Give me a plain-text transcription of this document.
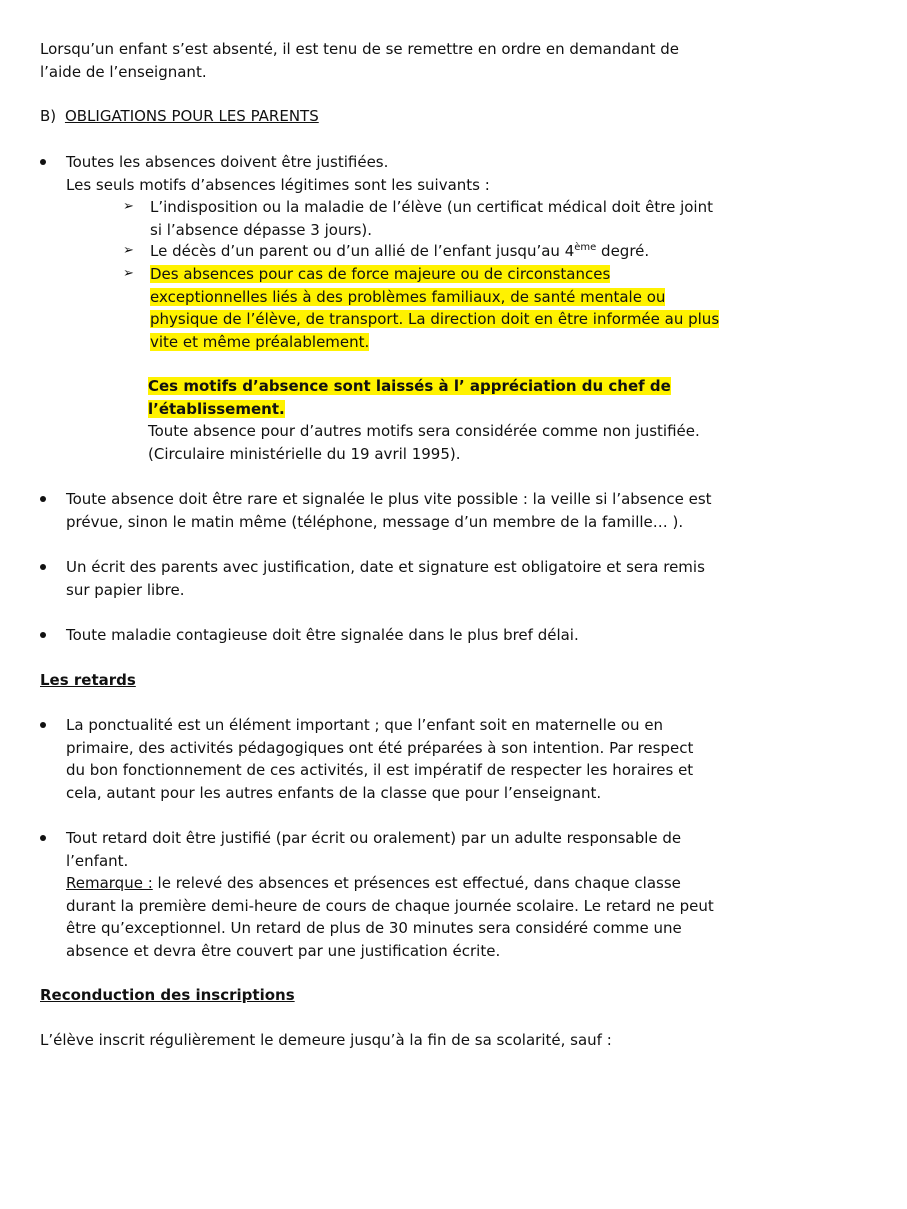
Lorsqu’un enfant s’est absenté, il est tenu de se remettre en ordre en demandant de
l’aide de l’enseignant.

B) OBLIGATIONS POUR LES PARENTS

Toutes les absences doivent être justifiées.
Les seuls motifs d’absences légitimes sont les suivants :
➢ L’indisposition ou la maladie de l’élève (un certificat médical doit être joint
si l’absence dépasse 3 jours).
➢ Le décès d’un parent ou d’un allié de l’enfant jusqu’au 4ème degré.
➢ Des absences pour cas de force majeure ou de circonstances
exceptionnelles liés à des problèmes familiaux, de santé mentale ou
physique de l’élève, de transport. La direction doit en être informée au plus
vite et même préalablement.
Ces motifs d’absence sont laissés à l’ appréciation du chef de
l’établissement.
Toute absence pour d’autres motifs sera considérée comme non justifiée.
(Circulaire ministérielle du 19 avril 1995).
Toute absence doit être rare et signalée le plus vite possible : la veille si l’absence est
prévue, sinon le matin même (téléphone, message d’un membre de la famille… ).
Un écrit des parents avec justification, date et signature est obligatoire et sera remis
sur papier libre.
Toute maladie contagieuse doit être signalée dans le plus bref délai.

Les retards

La ponctualité est un élément important ; que l’enfant soit en maternelle ou en
primaire, des activités pédagogiques ont été préparées à son intention. Par respect
du bon fonctionnement de ces activités, il est impératif de respecter les horaires et
cela, autant pour les autres enfants de la classe que pour l’enseignant.
Tout retard doit être justifié (par écrit ou oralement) par un adulte responsable de
l’enfant.
Remarque : le relevé des absences et présences est effectué, dans chaque classe
durant la première demi-heure de cours de chaque journée scolaire. Le retard ne peut
être qu’exceptionnel. Un retard de plus de 30 minutes sera considéré comme une
absence et devra être couvert par une justification écrite.

Reconduction des inscriptions

L’élève inscrit régulièrement le demeure jusqu’à la fin de sa scolarité, sauf :
